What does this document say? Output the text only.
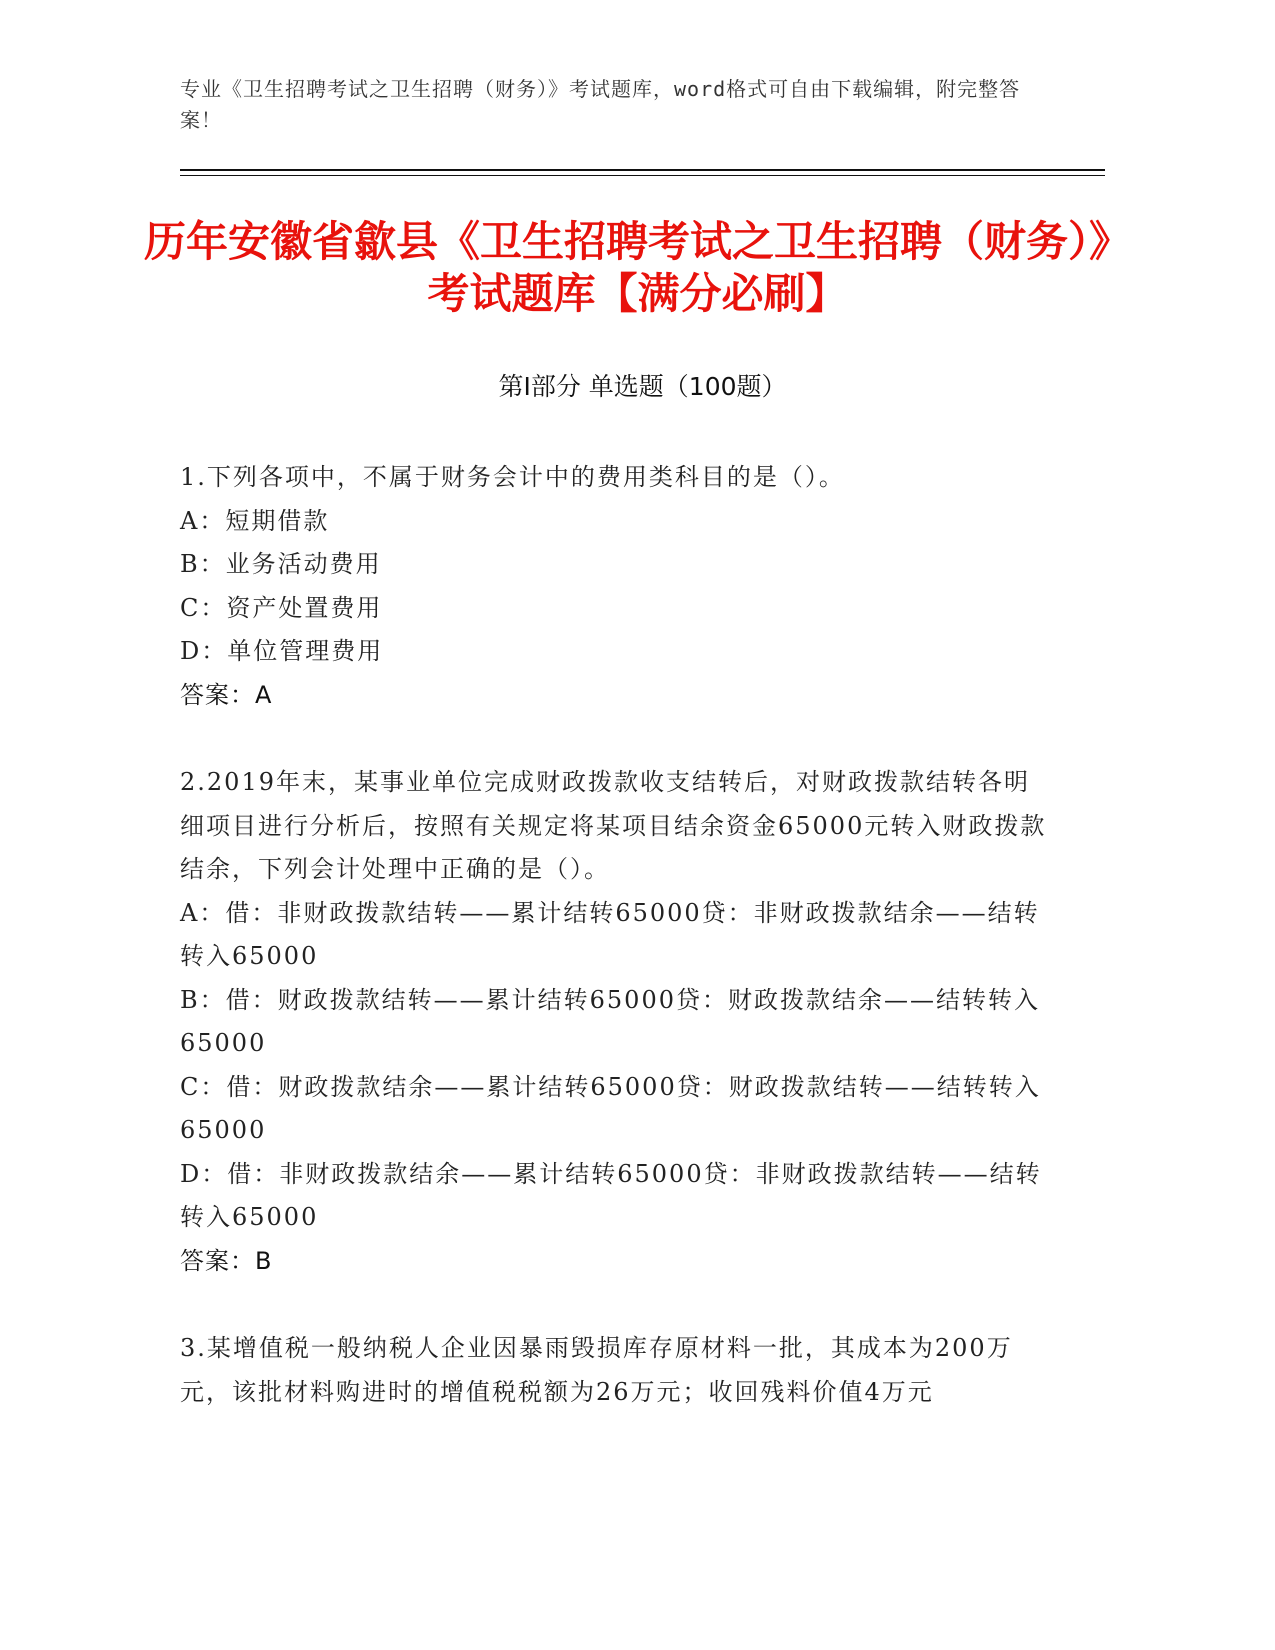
专业《卫生招聘考试之卫生招聘（财务）》考试题库，word格式可自由下载编辑，附完整答案！
历年安徽省歙县《卫生招聘考试之卫生招聘（财务）》考试题库【满分必刷】
第Ⅰ部分 单选题（100题）
1.下列各项中，不属于财务会计中的费用类科目的是（）。
A：短期借款
B：业务活动费用
C：资产处置费用
D：单位管理费用
答案：A
2.2019年末，某事业单位完成财政拨款收支结转后，对财政拨款结转各明细项目进行分析后，按照有关规定将某项目结余资金65000元转入财政拨款结余，下列会计处理中正确的是（）。
A：借：非财政拨款结转——累计结转65000贷：非财政拨款结余——结转转入65000
B：借：财政拨款结转——累计结转65000贷：财政拨款结余——结转转入65000
C：借：财政拨款结余——累计结转65000贷：财政拨款结转——结转转入65000
D：借：非财政拨款结余——累计结转65000贷：非财政拨款结转——结转转入65000
答案：B
3.某增值税一般纳税人企业因暴雨毁损库存原材料一批，其成本为200万元，该批材料购进时的增值税税额为26万元；收回残料价值4万元
